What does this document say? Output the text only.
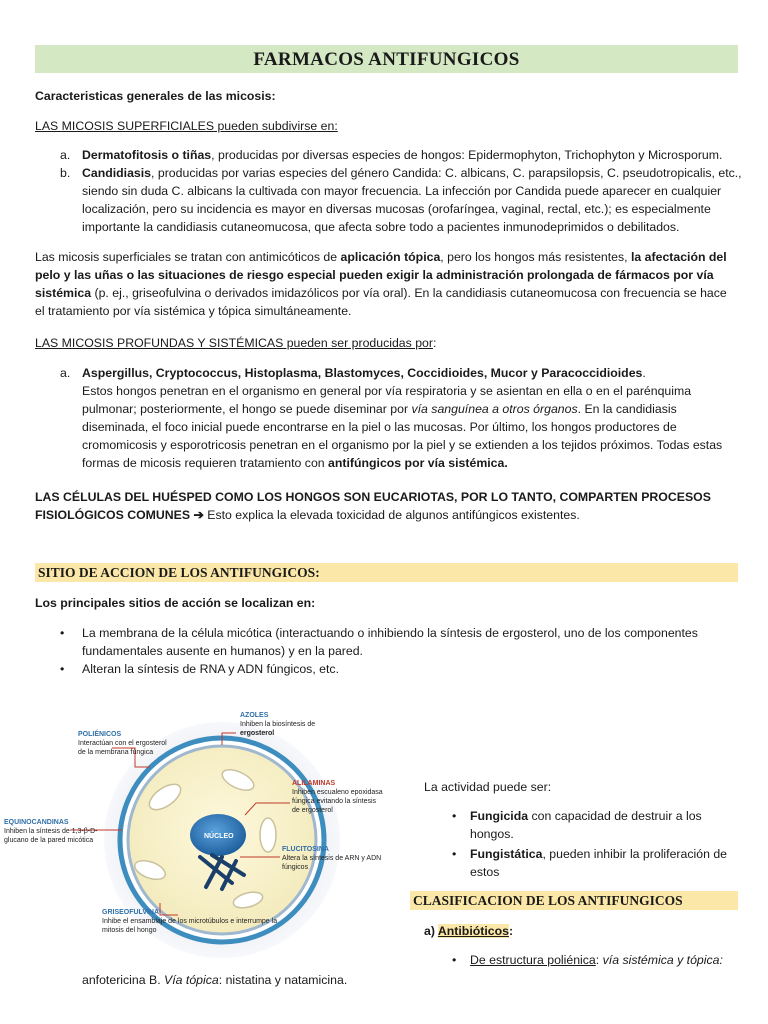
FARMACOS ANTIFUNGICOS

Caracteristicas generales de las micosis:

LAS MICOSIS SUPERFICIALES pueden subdivirse en:

a. Dermatofitosis o tiñas, producidas por diversas especies de hongos: Epidermophyton, Trichophyton y Microsporum.
b. Candidiasis, producidas por varias especies del género Candida: C. albicans, C. parapsilopsis, C. pseudotropicalis, etc.,
siendo sin duda C. albicans la cultivada con mayor frecuencia. La infección por Candida puede aparecer en cualquier
localización, pero su incidencia es mayor en diversas mucosas (orofaríngea, vaginal, rectal, etc.); es especialmente
importante la candidiasis cutaneomucosa, que afecta sobre todo a pacientes inmunodeprimidos o debilitados.
Las micosis superficiales se tratan con antimicóticos de aplicación tópica, pero los hongos más resistentes, la afectación del
pelo y las uñas o las situaciones de riesgo especial pueden exigir la administración prolongada de fármacos por vía
sistémica (p. ej., griseofulvina o derivados imidazólicos por vía oral). En la candidiasis cutaneomucosa con frecuencia se hace
el tratamiento por vía sistémica y tópica simultáneamente.

LAS MICOSIS PROFUNDAS Y SISTÉMICAS pueden ser producidas por:

a. Aspergillus, Cryptococcus, Histoplasma, Blastomyces, Coccidioides, Mucor y Paracoccidioides.
Estos hongos penetran en el organismo en general por vía respiratoria y se asientan en ella o en el parénquima
pulmonar; posteriormente, el hongo se puede diseminar por vía sanguínea a otros órganos. En la candidiasis
diseminada, el foco inicial puede encontrarse en la piel o las mucosas. Por último, los hongos productores de
cromomicosis y esporotricosis penetran en el organismo por la piel y se extienden a los tejidos próximos. Todas estas
formas de micosis requieren tratamiento con antifúngicos por vía sistémica.
LAS CÉLULAS DEL HUÉSPED COMO LOS HONGOS SON EUCARIOTAS, POR LO TANTO, COMPARTEN PROCESOS
FISIOLÓGICOS COMUNES ➔ Esto explica la elevada toxicidad de algunos antifúngicos existentes.
SITIO DE ACCION DE LOS ANTIFUNGICOS:

Los principales sitios de acción se localizan en:

• La membrana de la célula micótica (interactuando o inhibiendo la síntesis de ergosterol, uno de los componentes
fundamentales ausente en humanos) y en la pared.
• Alteran la síntesis de RNA y ADN fúngicos, etc.
POLIÉNICOS
Interactúan con el ergosterol
de la membrana fúngica
AZOLES
Inhiben la biosíntesis de
ergosterol
ALILAMINAS
Inhiben escualeno epoxidasa
fúngica evitando la síntesis
de ergosterol
EQUINOCANDINAS
Inhiben la síntesis de 1,3-β-D-
glucano de la pared micótica
NÚCLEO
FLUCITOSINA
Altera la síntesis de ARN y ADN
fúngicos
GRISEOFULVINA
Inhibe el ensamblaje de los microtúbulos e interrumpe la
mitosis del hongo

La actividad puede ser:

• Fungicida con capacidad de destruir a los
hongos.
• Fungistática, pueden inhibir la proliferación de
estos
CLASIFICACION DE LOS ANTIFUNGICOS

a) Antibióticos:

• De estructura poliénica: vía sistémica y tópica:

anfotericina B. Vía tópica: nistatina y natamicina.
